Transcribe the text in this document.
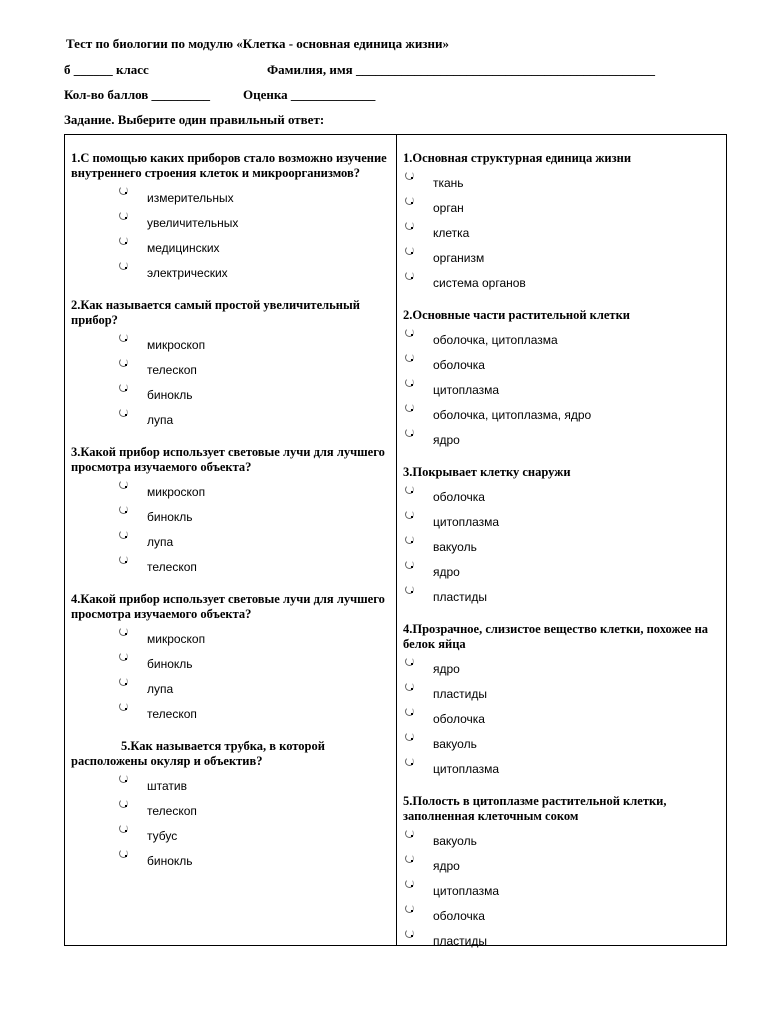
Тест по биологии по модулю «Клетка - основная единица жизни»
б ______ класс	Фамилия, имя ______________________________________________
Кол-во баллов _________	Оценка _____________
Задание. Выберите один правильный ответ:
1.С помощью каких приборов стало возможно изучение внутреннего строения клеток и микроорганизмов?
измерительных
увеличительных
медицинских
электрических
2.Как называется самый простой увеличительный прибор?
микроскоп
телескоп
бинокль
лупа
3.Какой прибор использует световые лучи для лучшего просмотра изучаемого объекта?
микроскоп
бинокль
лупа
телескоп
4.Какой прибор использует световые лучи для лучшего просмотра изучаемого объекта?
микроскоп
бинокль
лупа
телескоп
5.Как называется трубка, в которой расположены окуляр и объектив?
штатив
телескоп
тубус
бинокль
1.Основная структурная единица жизни
ткань
орган
клетка
организм
система органов
2.Основные части растительной клетки
оболочка, цитоплазма
оболочка
цитоплазма
оболочка, цитоплазма, ядро
ядро
3.Покрывает клетку снаружи
оболочка
цитоплазма
вакуоль
ядро
пластиды
4.Прозрачное, слизистое вещество клетки, похожее на белок яйца
ядро
пластиды
оболочка
вакуоль
цитоплазма
5.Полость в цитоплазме растительной клетки, заполненная клеточным соком
вакуоль
ядро
цитоплазма
оболочка
пластиды
